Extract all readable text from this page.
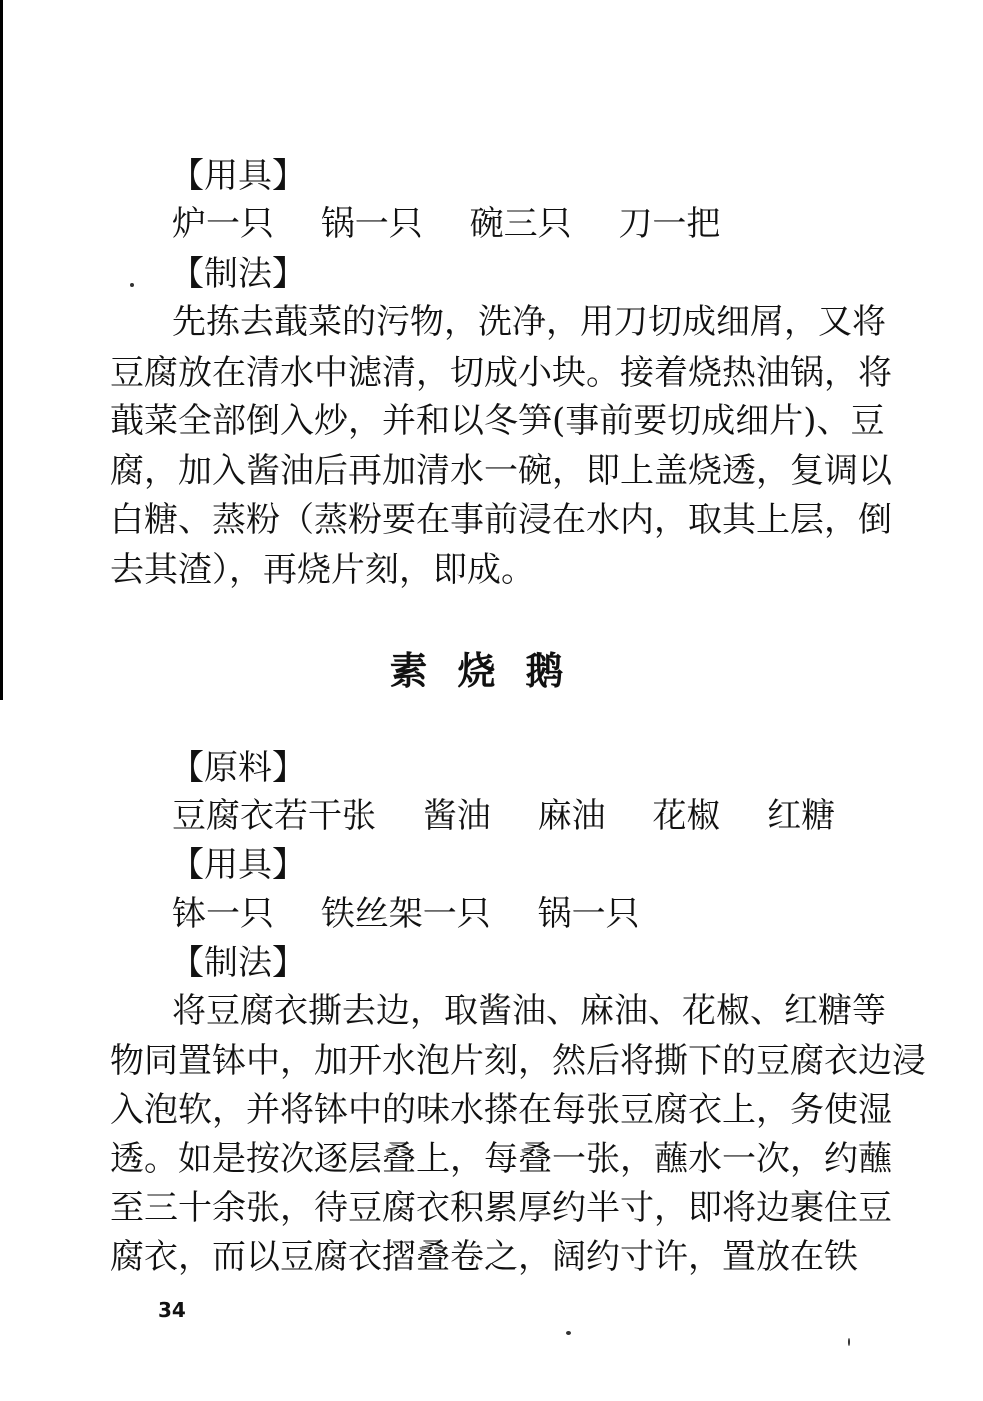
【用具】

炉一只 锅一只 碗三只 刀一把

【制法】

先拣去蕺菜的污物，洗净，用刀切成细屑，又将

豆腐放在清水中滤清，切成小块。接着烧热油锅，将

蕺菜全部倒入炒，并和以冬笋(事前要切成细片)、豆

腐，加入酱油后再加清水一碗，即上盖烧透，复调以

白糖、蒸粉（蒸粉要在事前浸在水内，取其上层，倒

去其渣），再烧片刻，即成。

素烧鹅

【原料】

豆腐衣若干张 酱油 麻油 花椒 红糖

【用具】

钵一只 铁丝架一只 锅一只

【制法】

将豆腐衣撕去边，取酱油、麻油、花椒、红糖等

物同置钵中，加开水泡片刻，然后将撕下的豆腐衣边浸

入泡软，并将钵中的味水搽在每张豆腐衣上，务使湿

透。如是按次逐层叠上，每叠一张，蘸水一次，约蘸

至三十余张，待豆腐衣积累厚约半寸，即将边裹住豆

腐衣，而以豆腐衣摺叠卷之，阔约寸许，置放在铁

34
